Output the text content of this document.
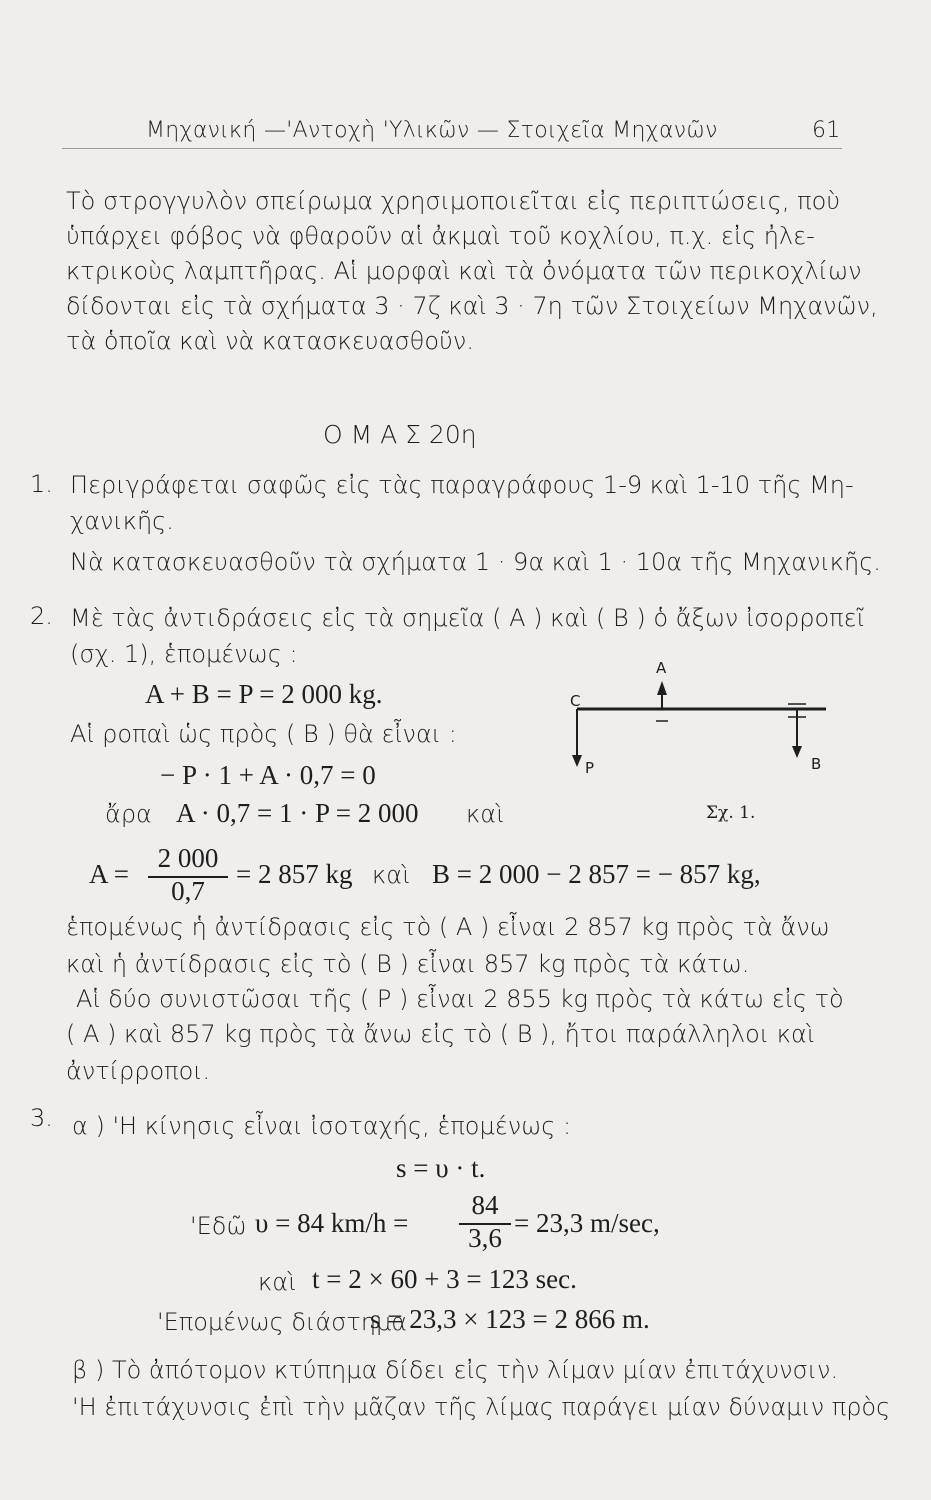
Μηχανική —'Αντοχὴ 'Υλικῶν — Στοιχεῖα Μηχανῶν	61
Τὸ στρογγυλὸν σπείρωμα χρησιμοποιεῖται εἰς περιπτώσεις, ποὺ
ὑπάρχει φόβος νὰ φθαροῦν αἱ ἀκμαὶ τοῦ κοχλίου, π.χ. εἰς ἠλε-
κτρικοὺς λαμπτῆρας. Αἱ μορφαὶ καὶ τὰ ὀνόματα τῶν περικοχλίων
δίδονται εἰς τὰ σχήματα 3 · 7ζ καὶ 3 · 7η τῶν Στοιχείων Μηχανῶν,
τὰ ὁποῖα καὶ νὰ κατασκευασθοῦν.
Ο Μ Α Σ 20η
1. Περιγράφεται σαφῶς εἰς τὰς παραγράφους 1-9 καὶ 1-10 τῆς Μη-
χανικῆς.
Νὰ κατασκευασθοῦν τὰ σχήματα 1 · 9α καὶ 1 · 10α τῆς Μηχανικῆς.
2. Μὲ τὰς ἀντιδράσεις εἰς τὰ σημεῖα ( A ) καὶ ( B ) ὁ ἄξων ἰσορροπεῖ
(σχ. 1), ἑπομένως :
A + B = P = 2 000 kg.
Αἱ ροπαὶ ὡς πρὸς ( B ) θὰ εἶναι :
− P · 1 + A · 0,7 = 0
ἄρα A · 0,7 = 1 · P = 2 000 καὶ
A
C
P	B
Σχ. 1.
A =
2 000
0,7
= 2 857 kg καὶ B = 2 000 − 2 857 = − 857 kg,
ἑπομένως ἡ ἀντίδρασις εἰς τὸ ( A ) εἶναι 2 857 kg πρὸς τὰ ἄνω
καὶ ἡ ἀντίδρασις εἰς τὸ ( B ) εἶναι 857 kg πρὸς τὰ κάτω.
Αἱ δύο συνιστῶσαι τῆς ( P ) εἶναι 2 855 kg πρὸς τὰ κάτω εἰς τὸ
( A ) καὶ 857 kg πρὸς τὰ ἄνω εἰς τὸ ( B ), ἤτοι παράλληλοι καὶ
ἀντίρροποι.
3. α ) 'Η κίνησις εἶναι ἰσοταχής, ἑπομένως :
s = υ · t.
'Εδῶ υ = 84 km/h =
84
3,6 = 23,3 m/sec,
καὶ t = 2 × 60 + 3 = 123 sec.
'Επομένως διάστημα
s = 23,3 × 123 = 2 866 m.
β ) Τὸ ἀπότομον κτύπημα δίδει εἰς τὴν λίμαν μίαν ἐπιτάχυνσιν.
'Η ἐπιτάχυνσις ἐπὶ τὴν μᾶζαν τῆς λίμας παράγει μίαν δύναμιν πρὸς
